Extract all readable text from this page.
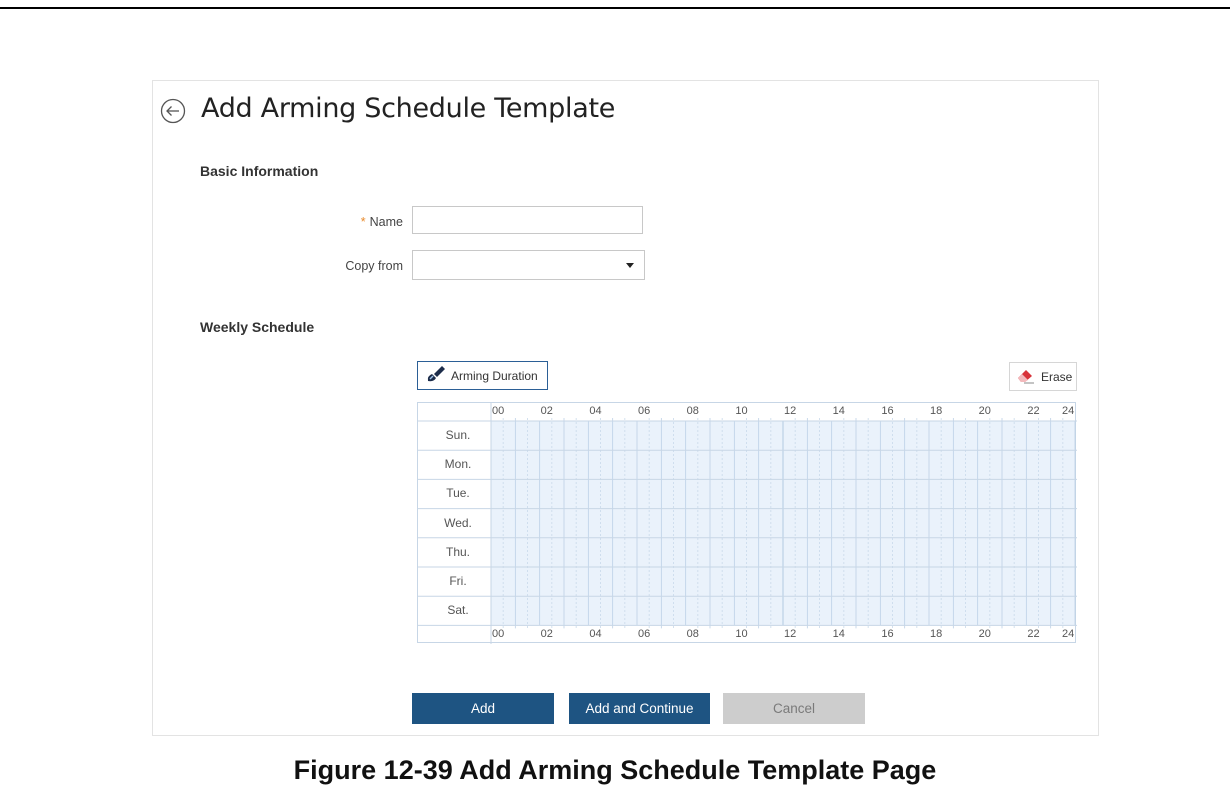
Add Arming Schedule Template
Basic Information
* Name
Copy from
Weekly Schedule
Arming Duration	Erase
Sun.
Mon.
Tue.
Wed.
Thu.
Fri.
Sat.
00
00
02
02
04
04
06
06
08
08
10
10
12
12
14
14
16
16
18
18
20
20
22
22
24
24
Add	Add and Continue	Cancel
Figure 12-39 Add Arming Schedule Template Page
